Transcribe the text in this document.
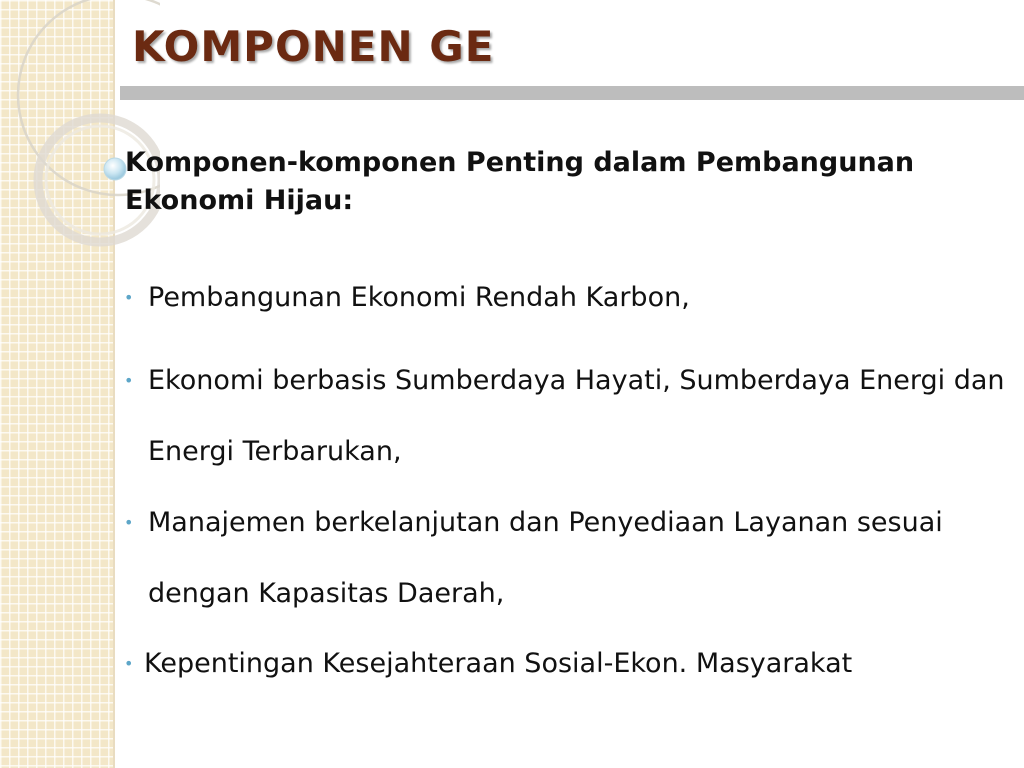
KOMPONEN GE

Komponen-komponen Penting dalam Pembangunan Ekonomi Hijau:

• Pembangunan Ekonomi Rendah Karbon,
• Ekonomi berbasis Sumberdaya Hayati, Sumberdaya Energi dan Energi Terbarukan,
• Manajemen berkelanjutan dan Penyediaan Layanan sesuai dengan Kapasitas Daerah,
• Kepentingan Kesejahteraan Sosial-Ekon. Masyarakat
